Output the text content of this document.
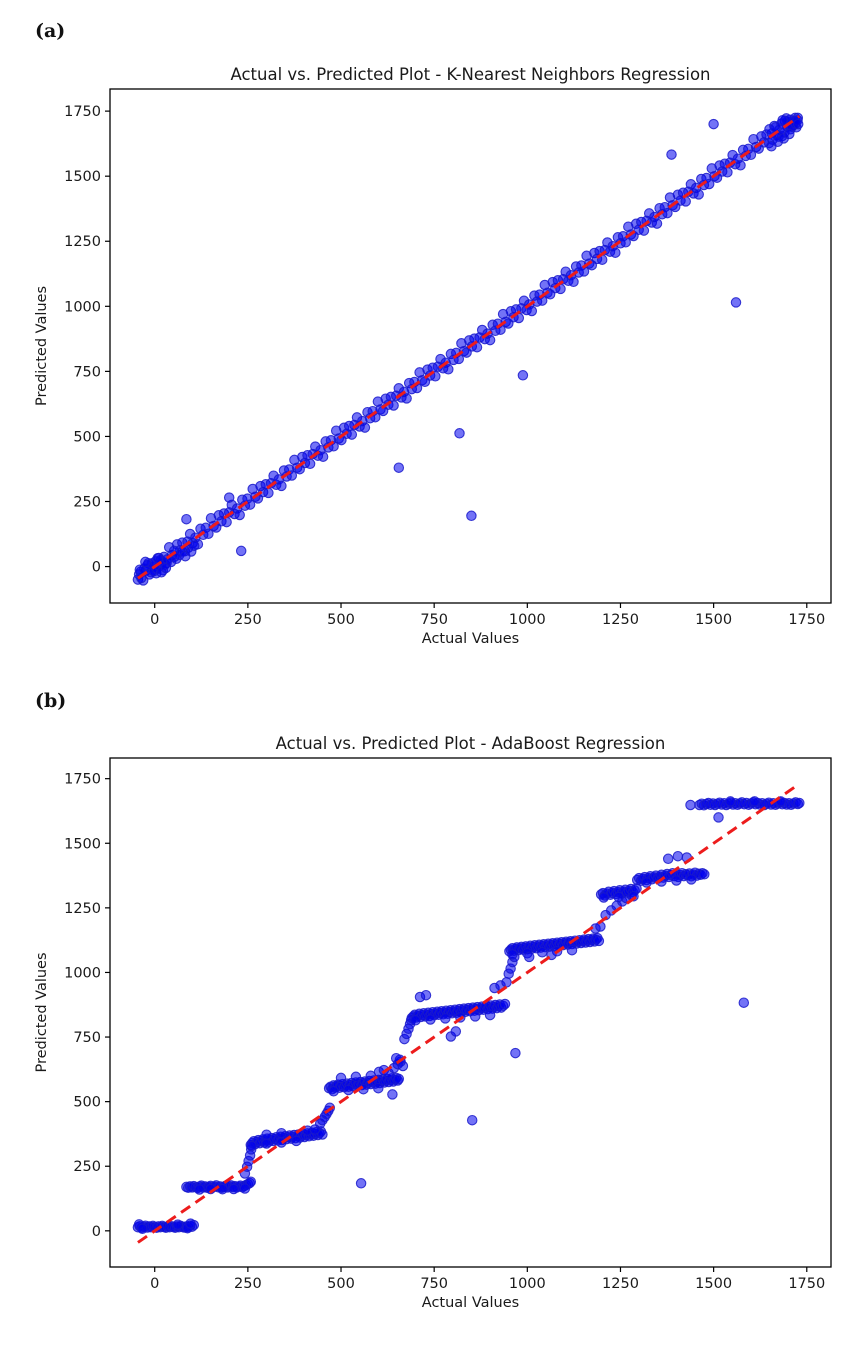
(a)
(b)
0	250	500	750	1000	1250	1500	1750
0
250
500
750
1000
1250
1500
1750
Actual vs. Predicted Plot - K-Nearest Neighbors Regression
Actual Values
Predicted Values
0	250	500	750	1000	1250	1500	1750
0
250
500
750
1000
1250
1500
1750
Actual vs. Predicted Plot - AdaBoost Regression
Actual Values
Predicted Values
